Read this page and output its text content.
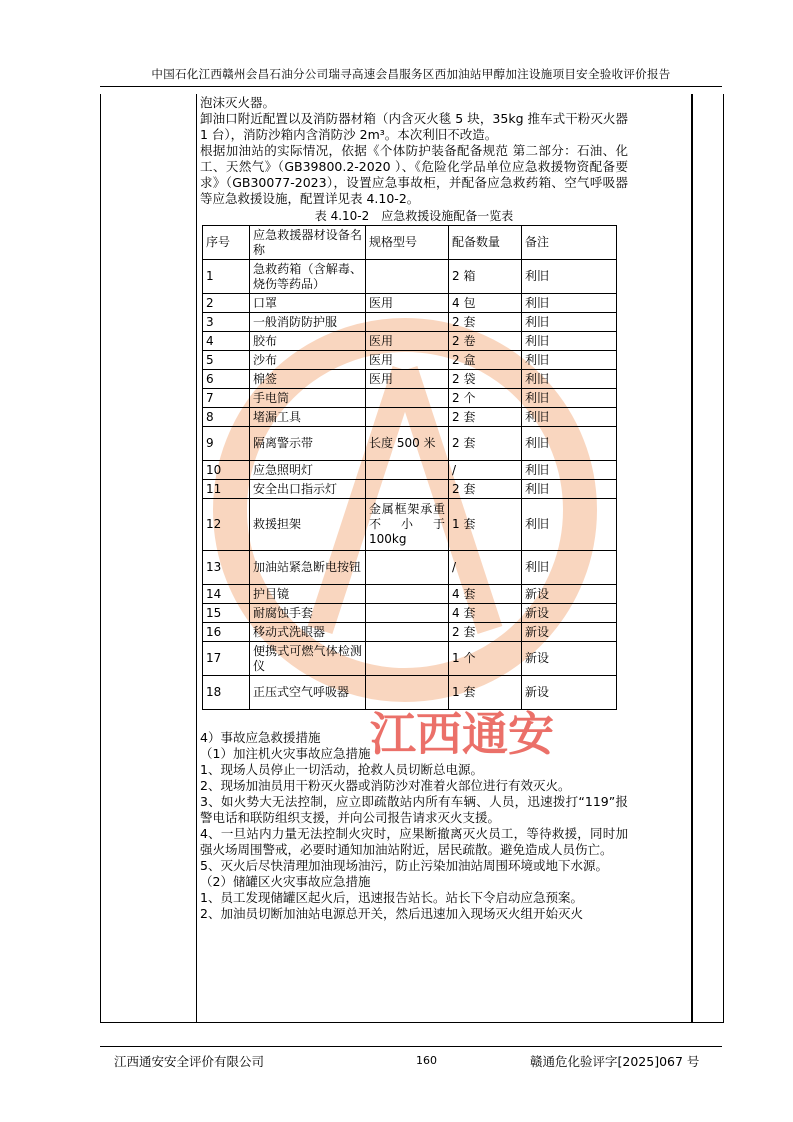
中国石化江西赣州会昌石油分公司瑞寻高速会昌服务区西加油站甲醇加注设施项目安全验收评价报告
江西通安

泡沫灭火器。

卸油口附近配置以及消防器材箱（内含灭火毯 5 块，35kg 推车式干粉灭火器 1 台），消防沙箱内含消防沙 2m³。本次利旧不改造。

根据加油站的实际情况，依据《个体防护装备配备规范 第二部分：石油、化工、天然气》（GB39800.2-2020 ）、《危险化学品单位应急救援物资配备要求》（GB30077-2023），设置应急事故柜，并配备应急救药箱、空气呼吸器等应急救援设施，配置详见表 4.10-2。

表 4.10-2　应急救援设施配备一览表
序号	应急救援器材设备名称	规格型号	配备数量	备注
1	急救药箱（含解毒、烧伤等药品）		2 箱	利旧
2	口罩	医用	4 包	利旧
3	一般消防防护服		2 套	利旧
4	胶布	医用	2 卷	利旧
5	沙布	医用	2 盒	利旧
6	棉签	医用	2 袋	利旧
7	手电筒		2 个	利旧
8	堵漏工具		2 套	利旧
9	隔离警示带	长度 500 米	2 套	利旧
10	应急照明灯		/	利旧
11	安全出口指示灯		2 套	利旧
12	救援担架	金属框架承重不小于 100kg	1 套	利旧
13	加油站紧急断电按钮		/	利旧
14	护目镜		4 套	新设
15	耐腐蚀手套		4 套	新设
16	移动式洗眼器		2 套	新设
17	便携式可燃气体检测仪		1 个	新设
18	正压式空气呼吸器		1 套	新设

4）事故应急救援措施

（1）加注机火灾事故应急措施

1、现场人员停止一切活动，抢救人员切断总电源。

2、现场加油员用干粉灭火器或消防沙对准着火部位进行有效灭火。

3、如火势大无法控制，应立即疏散站内所有车辆、人员，迅速拨打“119”报警电话和联防组织支援，并向公司报告请求灭火支援。

4、一旦站内力量无法控制火灾时，应果断撤离灭火员工，等待救援，同时加强火场周围警戒，必要时通知加油站附近，居民疏散。避免造成人员伤亡。

5、灭火后尽快清理加油现场油污，防止污染加油站周围环境或地下水源。

（2）储罐区火灾事故应急措施

1、员工发现储罐区起火后，迅速报告站长。站长下令启动应急预案。

2、加油员切断加油站电源总开关，然后迅速加入现场灭火组开始灭火

江西通安安全评价有限公司	160	赣通危化验评字[2025]067 号
